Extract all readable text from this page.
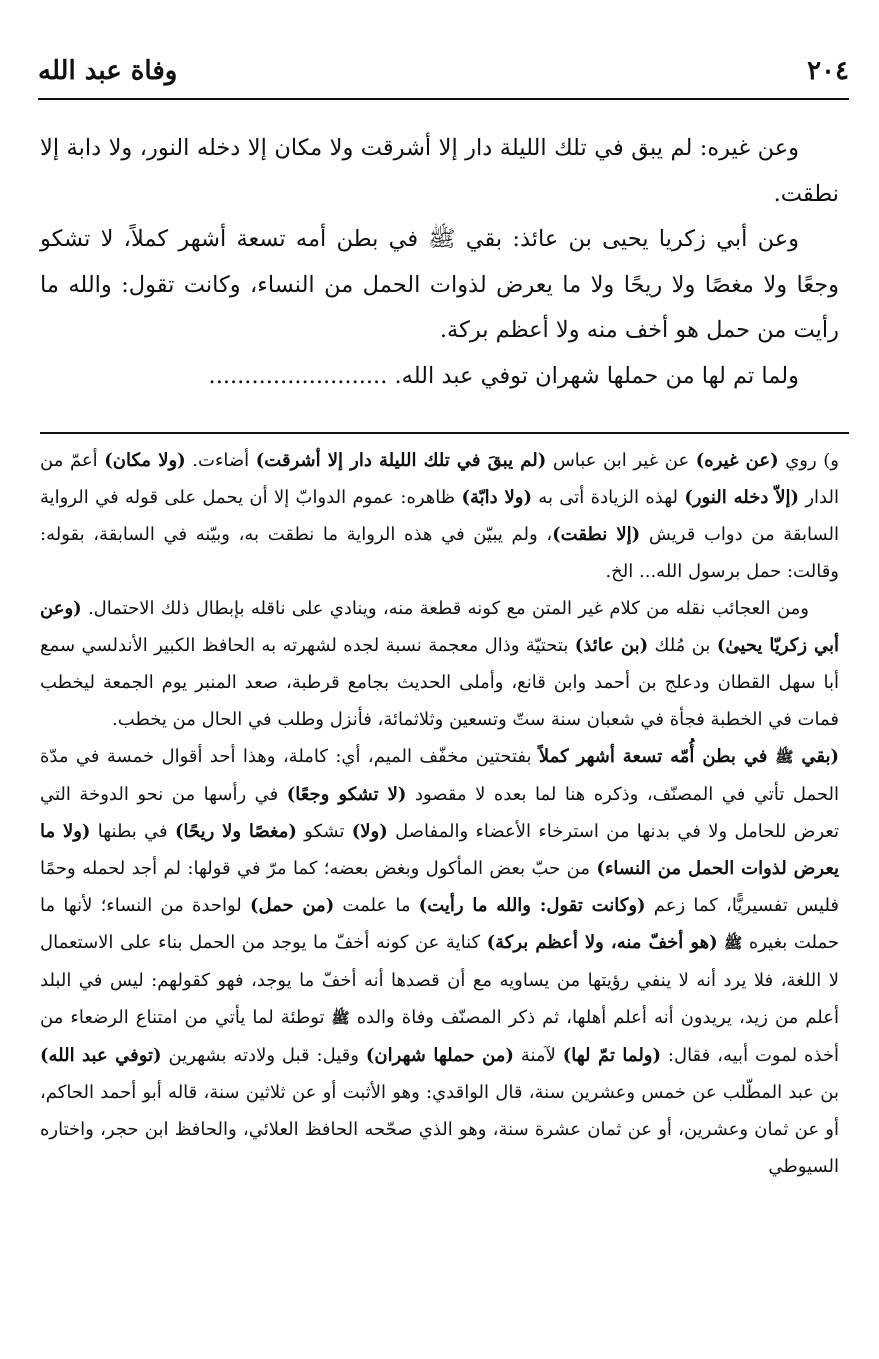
٢٠٤
وفاة عبد الله

وعن غيره: لم يبق في تلك الليلة دار إلا أشرقت ولا مكان إلا دخله النور، ولا دابة إلا نطقت.

وعن أبي زكريا يحيى بن عائذ: بقي ﷺ في بطن أمه تسعة أشهر كملاً، لا تشكو وجعًا ولا مغصًا ولا ريحًا ولا ما يعرض لذوات الحمل من النساء، وكانت تقول: والله ما رأيت من حمل هو أخف منه ولا أعظم بركة.

ولما تم لها من حملها شهران توفي عبد الله. .........................

و) روي (عن غيره) عن غير ابن عباس (لم يبقَ في تلك الليلة دار إلا أشرقت) أضاءت. (ولا مكان) أعمّ من الدار (إلاّ دخله النور) لهذه الزيادة أتى به (ولا دابّة) ظاهره: عموم الدوابّ إلا أن يحمل على قوله في الرواية السابقة من دواب قريش (إلا نطقت)، ولم يبيّن في هذه الرواية ما نطقت به، وبيّنه في السابقة، بقوله: وقالت: حمل برسول الله... الخ.

ومن العجائب نقله من كلام غير المتن مع كونه قطعة منه، وينادي على ناقله بإبطال ذلك الاحتمال. (وعن أبي زكريّا يحيىٰ) بن مُلك (بن عائذ) بتحتيّة وذال معجمة نسبة لجده لشهرته به الحافظ الكبير الأندلسي سمع أبا سهل القطان ودعلج بن أحمد وابن قانع، وأملى الحديث بجامع قرطبة، صعد المنبر يوم الجمعة ليخطب فمات في الخطبة فجأة في شعبان سنة ستّ وتسعين وثلاثمائة، فأنزل وطلب في الحال من يخطب.

(بقي ﷺ في بطن أُمّه تسعة أشهر كملاً بفتحتين مخفّف الميم، أي: كاملة، وهذا أحد أقوال خمسة في مدّة الحمل تأتي في المصنّف، وذكره هنا لما بعده لا مقصود (لا تشكو وجعًا) في رأسها من نحو الدوخة التي تعرض للحامل ولا في بدنها من استرخاء الأعضاء والمفاصل (ولا) تشكو (مغصًا ولا ريحًا) في بطنها (ولا ما يعرض لذوات الحمل من النساء) من حبّ بعض المأكول وبغض بعضه؛ كما مرّ في قولها: لم أجد لحمله وحمًا فليس تفسيريًّا، كما زعم (وكانت تقول: والله ما رأيت) ما علمت (من حمل) لواحدة من النساء؛ لأنها ما حملت بغيره ﷺ (هو أخفّ منه، ولا أعظم بركة) كناية عن كونه أخفّ ما يوجد من الحمل بناء على الاستعمال لا اللغة، فلا يرد أنه لا ينفي رؤيتها من يساويه مع أن قصدها أنه أخفّ ما يوجد، فهو كقولهم: ليس في البلد أعلم من زيد، يريدون أنه أعلم أهلها، ثم ذكر المصنّف وفاة والده ﷺ توطئة لما يأتي من امتناع الرضعاء من أخذه لموت أبيه، فقال: (ولما تمّ لها) لآمنة (من حملها شهران) وقيل: قبل ولادته بشهرين (توفي عبد الله) بن عبد المطّلب عن خمس وعشرين سنة، قال الواقدي: وهو الأثبت أو عن ثلاثين سنة، قاله أبو أحمد الحاكم، أو عن ثمان وعشرين، أو عن ثمان عشرة سنة، وهو الذي صحّحه الحافظ العلائي، والحافظ ابن حجر، واختاره السيوطي
